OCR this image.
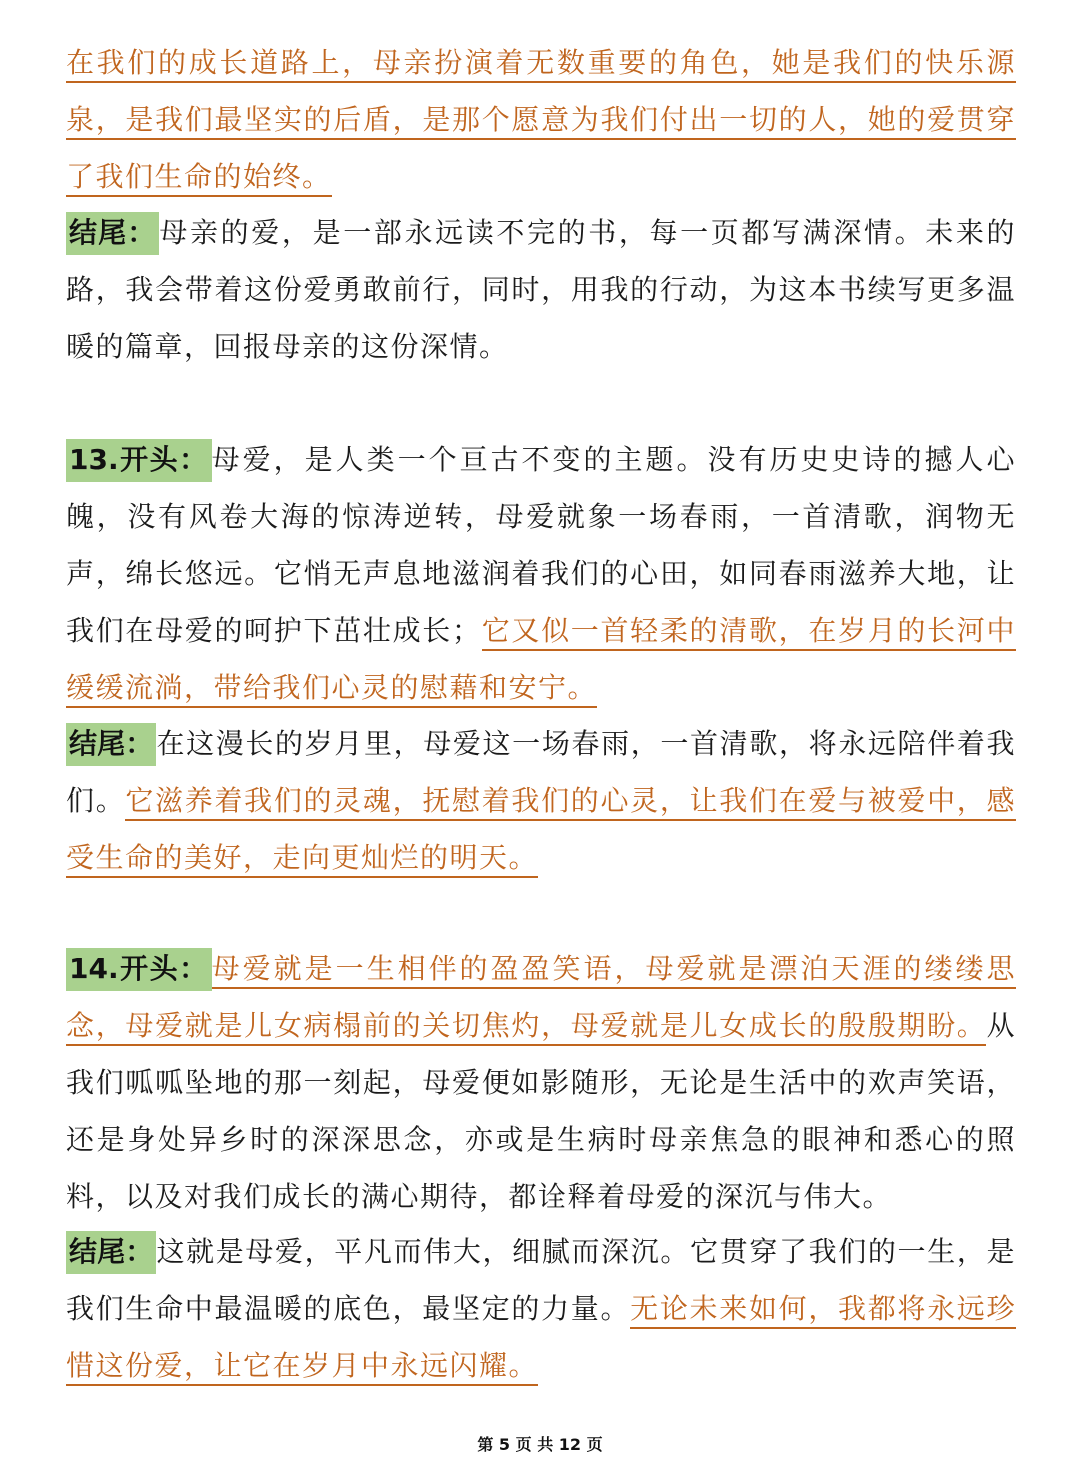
在我们的成长道路上，母亲扮演着无数重要的角色，她是我们的快乐源泉，是我们最坚实的后盾，是那个愿意为我们付出一切的人，她的爱贯穿了我们生命的始终。

结尾： 母亲的爱，是一部永远读不完的书，每一页都写满深情。未来的路，我会带着这份爱勇敢前行，同时，用我的行动，为这本书续写更多温暖的篇章，回报母亲的这份深情。

13.开头： 母爱，是人类一个亘古不变的主题。没有历史史诗的撼人心魄，没有风卷大海的惊涛逆转，母爱就象一场春雨，一首清歌，润物无声，绵长悠远。它悄无声息地滋润着我们的心田，如同春雨滋养大地，让我们在母爱的呵护下茁壮成长；它又似一首轻柔的清歌，在岁月的长河中缓缓流淌，带给我们心灵的慰藉和安宁。

结尾： 在这漫长的岁月里，母爱这一场春雨，一首清歌，将永远陪伴着我们。它滋养着我们的灵魂，抚慰着我们的心灵，让我们在爱与被爱中，感受生命的美好，走向更灿烂的明天。

14.开头： 母爱就是一生相伴的盈盈笑语，母爱就是漂泊天涯的缕缕思念，母爱就是儿女病榻前的关切焦灼，母爱就是儿女成长的殷殷期盼。从我们呱呱坠地的那一刻起，母爱便如影随形，无论是生活中的欢声笑语，还是身处异乡时的深深思念，亦或是生病时母亲焦急的眼神和悉心的照料，以及对我们成长的满心期待，都诠释着母爱的深沉与伟大。

结尾： 这就是母爱，平凡而伟大，细腻而深沉。它贯穿了我们的一生，是我们生命中最温暖的底色，最坚定的力量。无论未来如何，我都将永远珍惜这份爱，让它在岁月中永远闪耀。

第 5 页 共 12 页
